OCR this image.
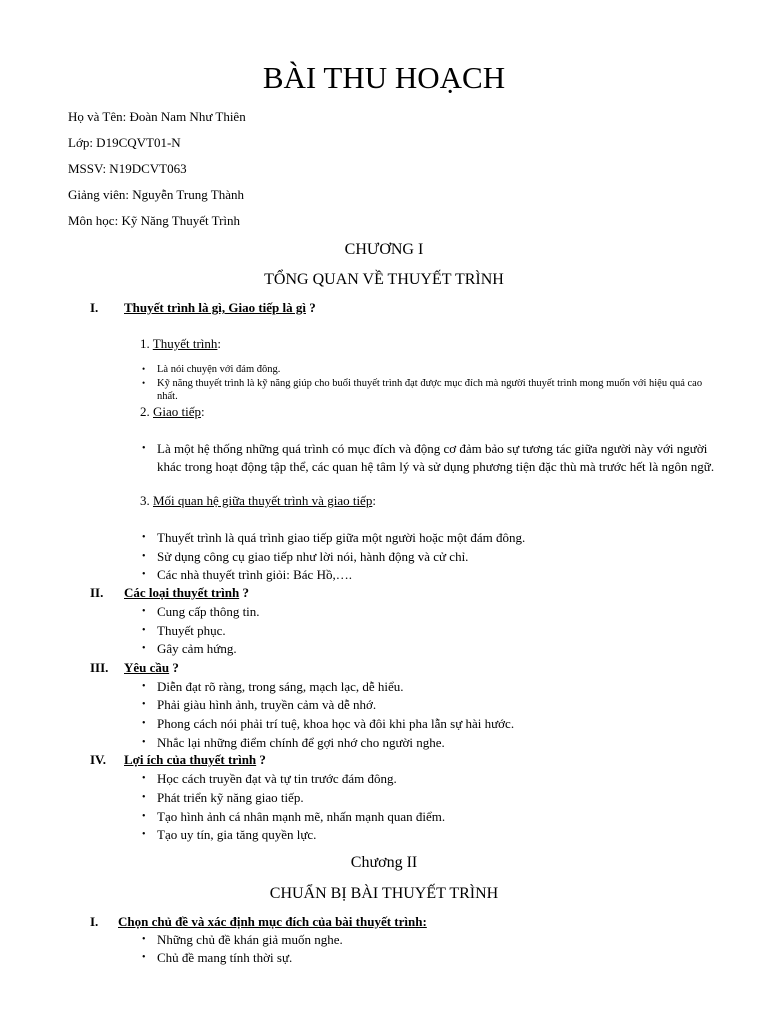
BÀI THU HOẠCH
Họ và Tên: Đoàn Nam Như Thiên
Lớp: D19CQVT01-N
MSSV: N19DCVT063
Giảng viên: Nguyễn Trung Thành
Môn học: Kỹ Năng Thuyết Trình
CHƯƠNG I
TỔNG QUAN VỀ THUYẾT TRÌNH
I. Thuyết trình là gì, Giao tiếp là gì ?
1. Thuyết trình:
• Là nói chuyện với đám đông.
• Kỹ năng thuyết trình là kỹ năng giúp cho buổi thuyết trình đạt được mục đích mà người thuyết trình mong muốn với hiệu quả cao nhất.
2. Giao tiếp:
• Là một hệ thống những quá trình có mục đích và động cơ đảm bảo sự tương tác giữa người này với người khác trong hoạt động tập thể, các quan hệ tâm lý và sử dụng phương tiện đặc thù mà trước hết là ngôn ngữ.
3. Mối quan hệ giữa thuyết trình và giao tiếp:
• Thuyết trình là quá trình giao tiếp giữa một người hoặc một đám đông.
• Sử dụng công cụ giao tiếp như lời nói, hành động và cử chỉ.
• Các nhà thuyết trình giỏi: Bác Hồ,….
II. Các loại thuyết trình ?
• Cung cấp thông tin.
• Thuyết phục.
• Gây cảm hứng.
III. Yêu cầu ?
• Diễn đạt rõ ràng, trong sáng, mạch lạc, dễ hiểu.
• Phải giàu hình ảnh, truyền cảm và dễ nhớ.
• Phong cách nói phải trí tuệ, khoa học và đôi khi pha lẫn sự hài hước.
• Nhắc lại những điểm chính để gợi nhớ cho người nghe.
IV. Lợi ích của thuyết trình ?
• Học cách truyền đạt và tự tin trước đám đông.
• Phát triển kỹ năng giao tiếp.
• Tạo hình ảnh cá nhân mạnh mẽ, nhấn mạnh quan điểm.
• Tạo uy tín, gia tăng quyền lực.
Chương II
CHUẨN BỊ BÀI THUYẾT TRÌNH
I. Chọn chủ đề và xác định mục đích của bài thuyết trình:
• Những chủ đề khán giả muốn nghe.
• Chủ đề mang tính thời sự.
